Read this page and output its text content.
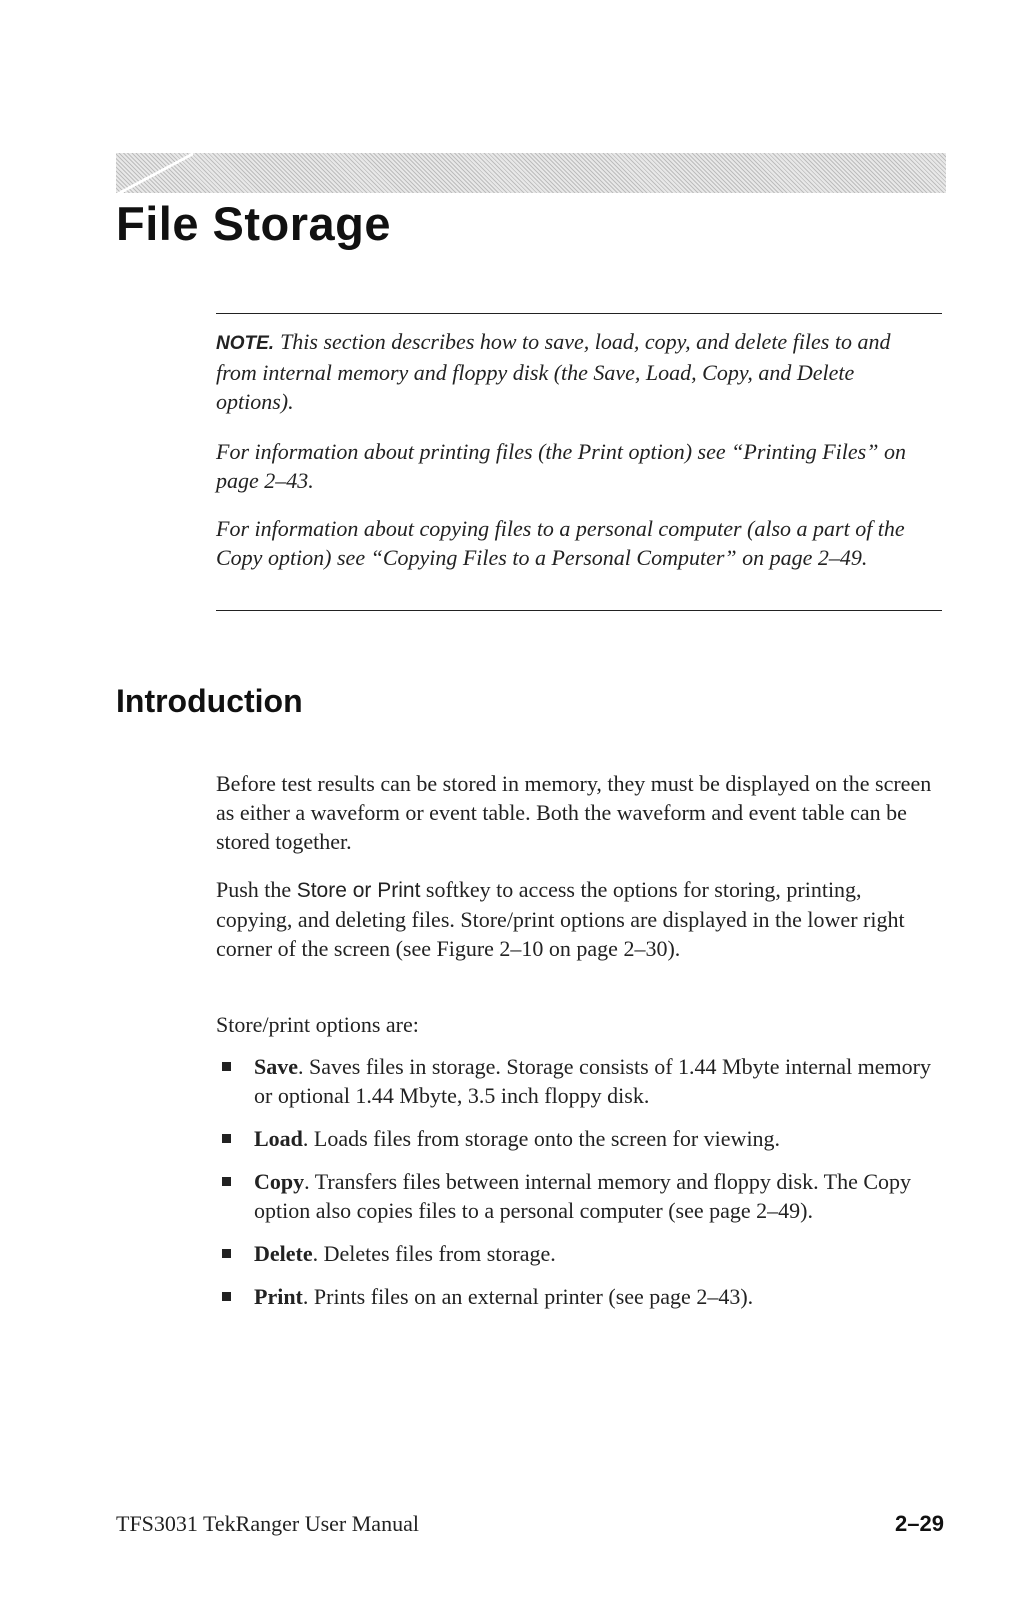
File Storage

NOTE. This section describes how to save, load, copy, and delete files to and from internal memory and floppy disk (the Save, Load, Copy, and Delete options).

For information about printing files (the Print option) see “Printing Files” on page 2–43.

For information about copying files to a personal computer (also a part of the Copy option) see “Copying Files to a Personal Computer” on page 2–49.

Introduction

Before test results can be stored in memory, they must be displayed on the screen as either a waveform or event table. Both the waveform and event table can be stored together.

Push the Store or Print softkey to access the options for storing, printing, copying, and deleting files. Store/print options are displayed in the lower right corner of the screen (see Figure 2–10 on page 2–30).

Store/print options are:

Save. Saves files in storage. Storage consists of 1.44 Mbyte internal memory or optional 1.44 Mbyte, 3.5 inch floppy disk.
Load. Loads files from storage onto the screen for viewing.
Copy. Transfers files between internal memory and floppy disk. The Copy option also copies files to a personal computer (see page 2–49).
Delete. Deletes files from storage.
Print. Prints files on an external printer (see page 2–43).
TFS3031 TekRanger User Manual	2–29
